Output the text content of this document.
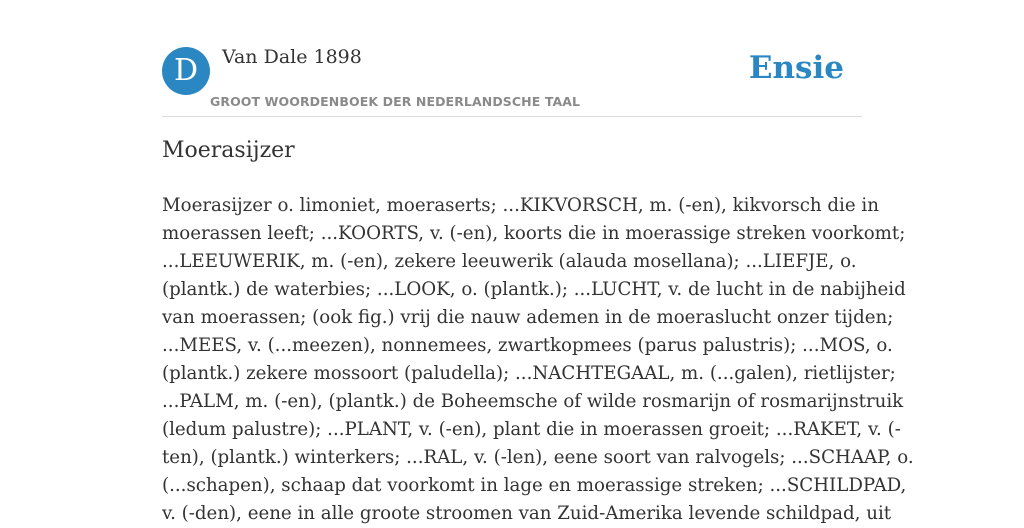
D	Van Dale 1898
GROOT WOORDENBOEK DER NEDERLANDSCHE TAAL
Ensie
Moerasijzer

Moerasijzer o. limoniet, moeraserts; ...KIKVORSCH, m. (-en), kikvorsch die in
moerassen leeft; ...KOORTS, v. (-en), koorts die in moerassige streken voorkomt;
...LEEUWERIK, m. (-en), zekere leeuwerik (alauda mosellana); ...LIEFJE, o.
(plantk.) de waterbies; ...LOOK, o. (plantk.); ...LUCHT, v. de lucht in de nabijheid
van moerassen; (ook fig.) vrij die nauw ademen in de moeraslucht onzer tijden;
...MEES, v. (...meezen), nonnemees, zwartkopmees (parus palustris); ...MOS, o.
(plantk.) zekere mossoort (paludella); ...NACHTEGAAL, m. (...galen), rietlijster;
...PALM, m. (-en), (plantk.) de Boheemsche of wilde rosmarijn of rosmarijnstruik
(ledum palustre); ...PLANT, v. (-en), plant die in moerassen groeit; ...RAKET, v. (-
ten), (plantk.) winterkers; ...RAL, v. (-len), eene soort van ralvogels; ...SCHAAP, o.
(...schapen), schaap dat voorkomt in lage en moerassige streken; ...SCHILDPAD,
v. (-den), eene in alle groote stroomen van Zuid-Amerika levende schildpad, uit
